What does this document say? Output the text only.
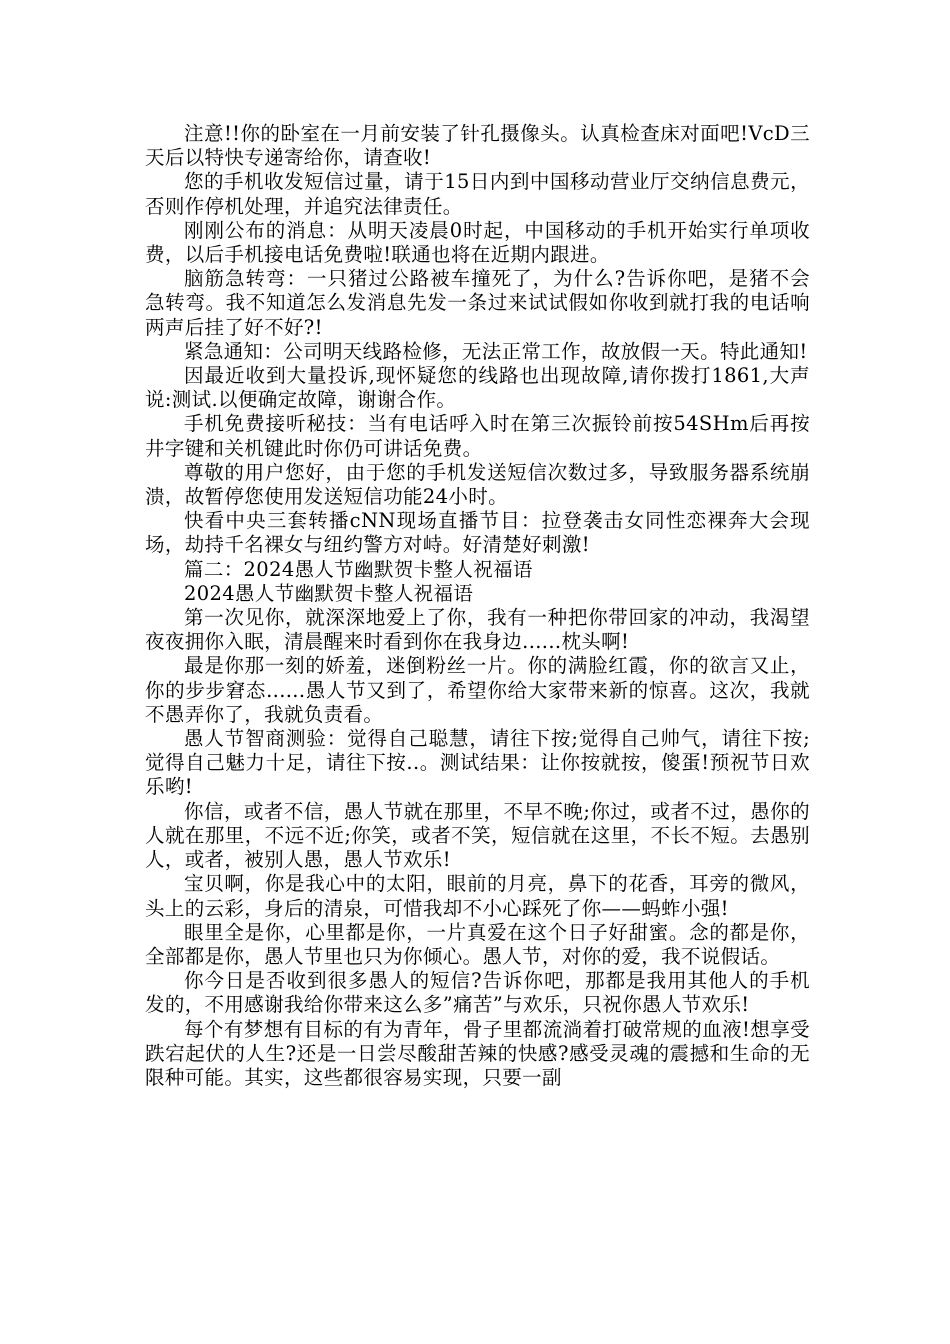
注意!!你的卧室在一月前安装了针孔摄像头。认真检查床对面吧!VcD三天后以特快专递寄给你，请查收!

您的手机收发短信过量，请于15日内到中国移动营业厅交纳信息费元，否则作停机处理，并追究法律责任。

刚刚公布的消息：从明天凌晨0时起，中国移动的手机开始实行单项收费，以后手机接电话免费啦!联通也将在近期内跟进。

脑筋急转弯：一只猪过公路被车撞死了，为什么?告诉你吧，是猪不会急转弯。我不知道怎么发消息先发一条过来试试假如你收到就打我的电话响两声后挂了好不好?!

紧急通知：公司明天线路检修，无法正常工作，故放假一天。特此通知!

因最近收到大量投诉,现怀疑您的线路也出现故障,请你拨打1861,大声说:测试.以便确定故障，谢谢合作。

手机免费接听秘技：当有电话呼入时在第三次振铃前按54SHm后再按井字键和关机键此时你仍可讲话免费。

尊敬的用户您好，由于您的手机发送短信次数过多，导致服务器系统崩溃，故暂停您使用发送短信功能24小时。

快看中央三套转播cNN现场直播节目：拉登袭击女同性恋裸奔大会现场，劫持千名裸女与纽约警方对峙。好清楚好刺激!

篇二：2024愚人节幽默贺卡整人祝福语

2024愚人节幽默贺卡整人祝福语

第一次见你，就深深地爱上了你，我有一种把你带回家的冲动，我渴望夜夜拥你入眠，清晨醒来时看到你在我身边......枕头啊!

最是你那一刻的娇羞，迷倒粉丝一片。你的满脸红霞，你的欲言又止，你的步步窘态......愚人节又到了，希望你给大家带来新的惊喜。这次，我就不愚弄你了，我就负责看。

愚人节智商测验：觉得自己聪慧，请往下按;觉得自己帅气，请往下按;觉得自己魅力十足，请往下按..。测试结果：让你按就按，傻蛋!预祝节日欢乐哟!

你信，或者不信，愚人节就在那里，不早不晚;你过，或者不过，愚你的人就在那里，不远不近;你笑，或者不笑，短信就在这里，不长不短。去愚别人，或者，被别人愚，愚人节欢乐!

宝贝啊，你是我心中的太阳，眼前的月亮，鼻下的花香，耳旁的微风，头上的云彩，身后的清泉，可惜我却不小心踩死了你——蚂蚱小强!

眼里全是你，心里都是你，一片真爱在这个日子好甜蜜。念的都是你，全部都是你，愚人节里也只为你倾心。愚人节，对你的爱，我不说假话。

你今日是否收到很多愚人的短信?告诉你吧，那都是我用其他人的手机发的，不用感谢我给你带来这么多”痛苦”与欢乐，只祝你愚人节欢乐!

每个有梦想有目标的有为青年，骨子里都流淌着打破常规的血液!想享受跌宕起伏的人生?还是一日尝尽酸甜苦辣的快感?感受灵魂的震撼和生命的无限种可能。其实，这些都很容易实现，只要一副
